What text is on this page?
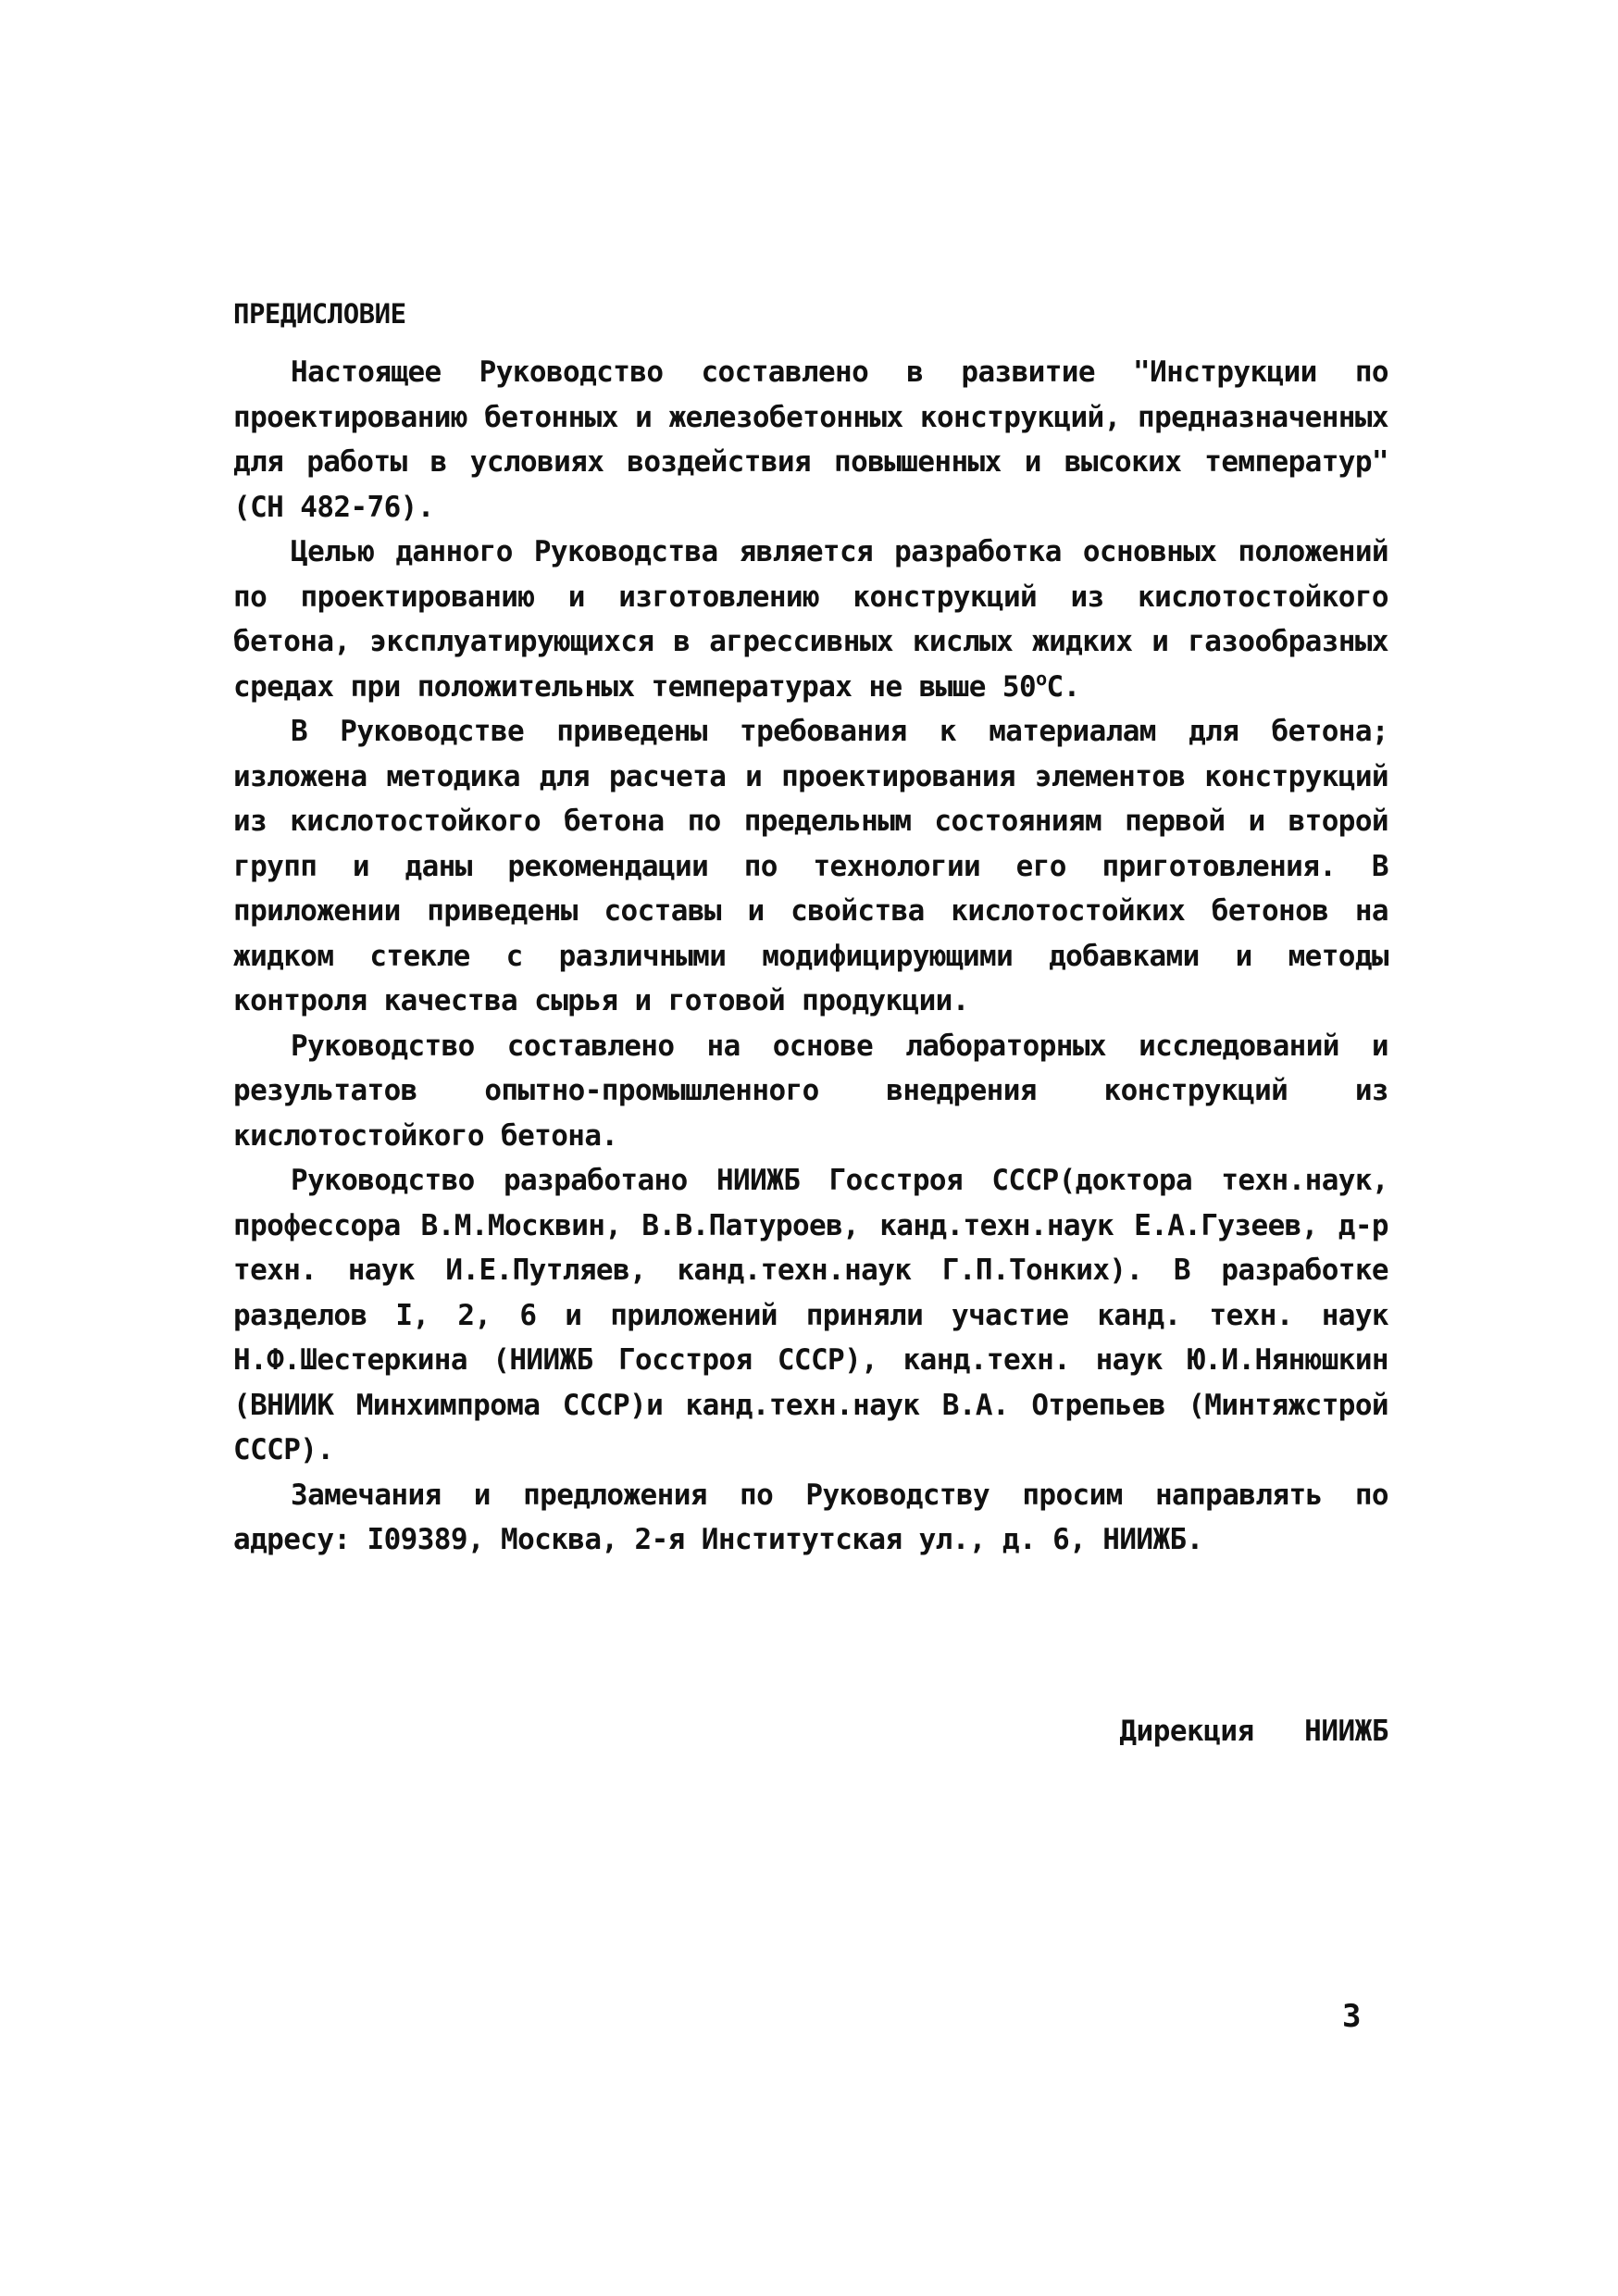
ПРЕДИСЛОВИЕ

Настоящее Руководство составлено в развитие "Инструкции по проектированию бетонных и железобетонных конструкций, предназначенных для работы в условиях воздействия повышенных и высоких температур" (СН 482-76).

Целью данного Руководства является разработка основных положений по проектированию и изготовлению конструкций из кислотостойкого бетона, эксплуатирующихся в агрессивных кислых жидких и газообразных средах при положительных температурах не выше $50^оС$.

В Руководстве приведены требования к материалам для бетона; изложена методика для расчета и проектирования элементов конструкций из кислотостойкого бетона по предельным состояниям первой и второй групп и даны рекомендации по технологии его приготовления. В приложении приведены составы и свойства кислотостойких бетонов на жидком стекле с различными модифицирующими добавками и методы контроля качества сырья и готовой продукции.

Руководство составлено на основе лабораторных исследований и результатов опытно-промышленного внедрения конструкций из кислотостойкого бетона.

Руководство разработано НИИЖБ Госстроя СССР(доктора техн.наук, профессора В.М.Москвин, В.В.Патуроев, канд.техн.наук Е.А.Гузеев, д-р техн. наук И.Е.Путляев, канд.техн.наук Г.П.Тонких). В разработке разделов I, 2, 6 и приложений приняли участие канд. техн. наук Н.Ф.Шестеркина (НИИЖБ Госстроя СССР), канд.техн. наук Ю.И.Нянюшкин (ВНИИК Минхимпрома СССР)и канд.техн.наук В.А. Отрепьев (Минтяжстрой СССР).

Замечания и предложения по Руководству просим направлять по адресу: I09389, Москва, 2-я Институтская ул., д. 6, НИИЖБ.

Дирекция   НИИЖБ
3
